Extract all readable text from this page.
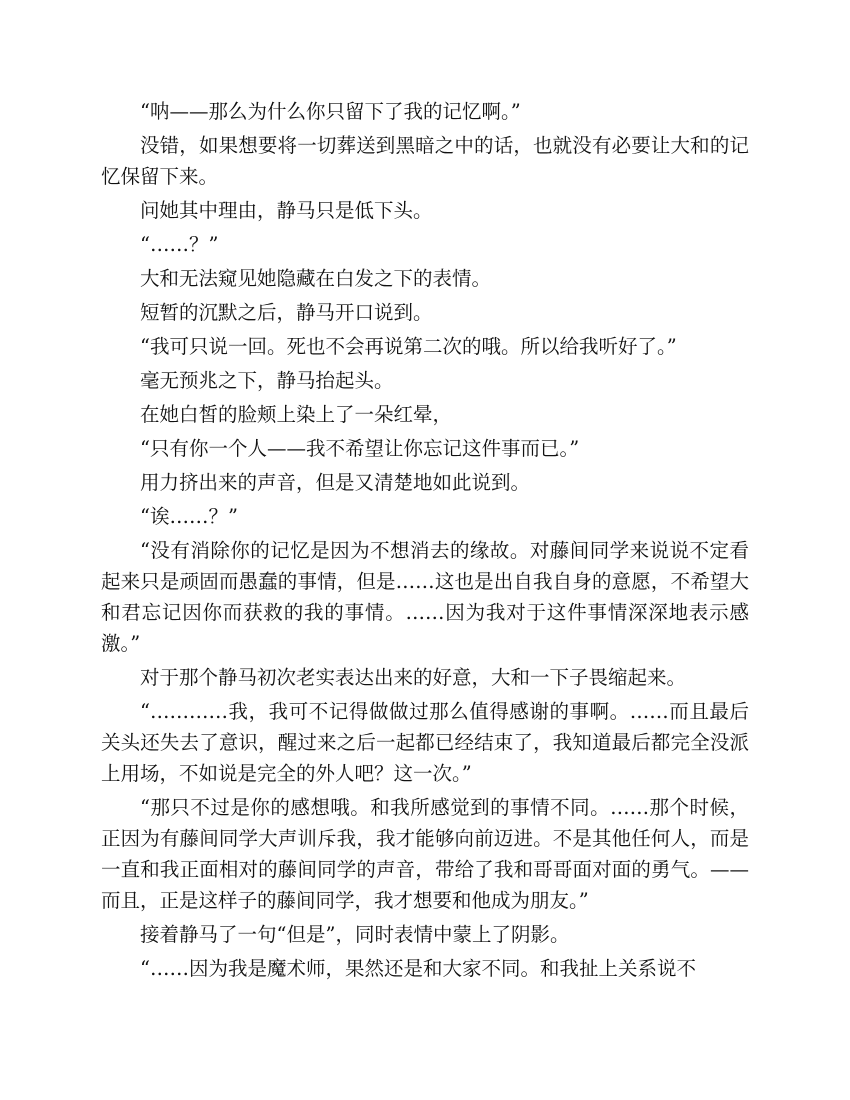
“呐——那么为什么你只留下了我的记忆啊。”

没错，如果想要将一切葬送到黑暗之中的话，也就没有必要让大和的记忆保留下来。

问她其中理由，静马只是低下头。

“……？”

大和无法窥见她隐藏在白发之下的表情。

短暂的沉默之后，静马开口说到。

“我可只说一回。死也不会再说第二次的哦。所以给我听好了。”

毫无预兆之下，静马抬起头。

在她白皙的脸颊上染上了一朵红晕，

“只有你一个人——我不希望让你忘记这件事而已。”

用力挤出来的声音，但是又清楚地如此说到。

“诶……？”

“没有消除你的记忆是因为不想消去的缘故。对藤间同学来说说不定看起来只是顽固而愚蠢的事情，但是……这也是出自我自身的意愿，不希望大和君忘记因你而获救的我的事情。……因为我对于这件事情深深地表示感激。”

对于那个静马初次老实表达出来的好意，大和一下子畏缩起来。

“…………我，我可不记得做做过那么值得感谢的事啊。……而且最后关头还失去了意识，醒过来之后一起都已经结束了，我知道最后都完全没派上用场，不如说是完全的外人吧？这一次。”

“那只不过是你的感想哦。和我所感觉到的事情不同。……那个时候，正因为有藤间同学大声训斥我，我才能够向前迈进。不是其他任何人，而是一直和我正面相对的藤间同学的声音，带给了我和哥哥面对面的勇气。——而且，正是这样子的藤间同学，我才想要和他成为朋友。”

接着静马了一句“但是”，同时表情中蒙上了阴影。

“……因为我是魔术师，果然还是和大家不同。和我扯上关系说不
